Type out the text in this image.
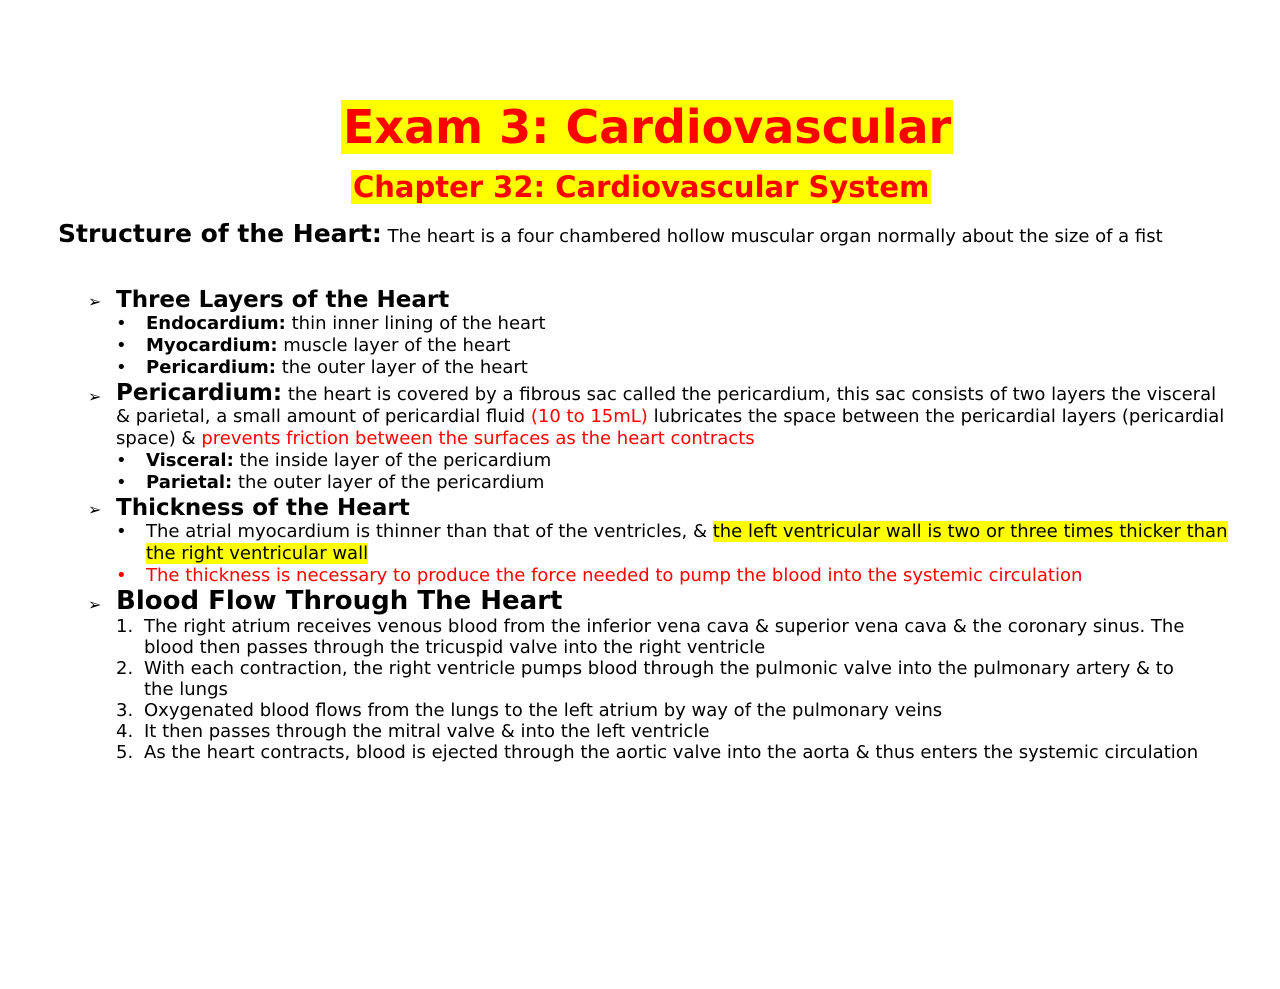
Exam 3: Cardiovascular
Chapter 32: Cardiovascular System
Structure of the Heart: The heart is a four chambered hollow muscular organ normally about the size of a fist
➢ Three Layers of the Heart
• Endocardium: thin inner lining of the heart
• Myocardium: muscle layer of the heart
• Pericardium: the outer layer of the heart
➢ Pericardium: the heart is covered by a fibrous sac called the pericardium, this sac consists of two layers the visceral & parietal, a small amount of pericardial fluid (10 to 15mL) lubricates the space between the pericardial layers (pericardial space) & prevents friction between the surfaces as the heart contracts
• Visceral: the inside layer of the pericardium
• Parietal: the outer layer of the pericardium
➢ Thickness of the Heart
• The atrial myocardium is thinner than that of the ventricles, & the left ventricular wall is two or three times thicker than the right ventricular wall
• The thickness is necessary to produce the force needed to pump the blood into the systemic circulation
➢ Blood Flow Through The Heart
1. The right atrium receives venous blood from the inferior vena cava & superior vena cava & the coronary sinus. The blood then passes through the tricuspid valve into the right ventricle
2. With each contraction, the right ventricle pumps blood through the pulmonic valve into the pulmonary artery & to
the lungs
3. Oxygenated blood flows from the lungs to the left atrium by way of the pulmonary veins
4. It then passes through the mitral valve & into the left ventricle
5. As the heart contracts, blood is ejected through the aortic valve into the aorta & thus enters the systemic circulation
